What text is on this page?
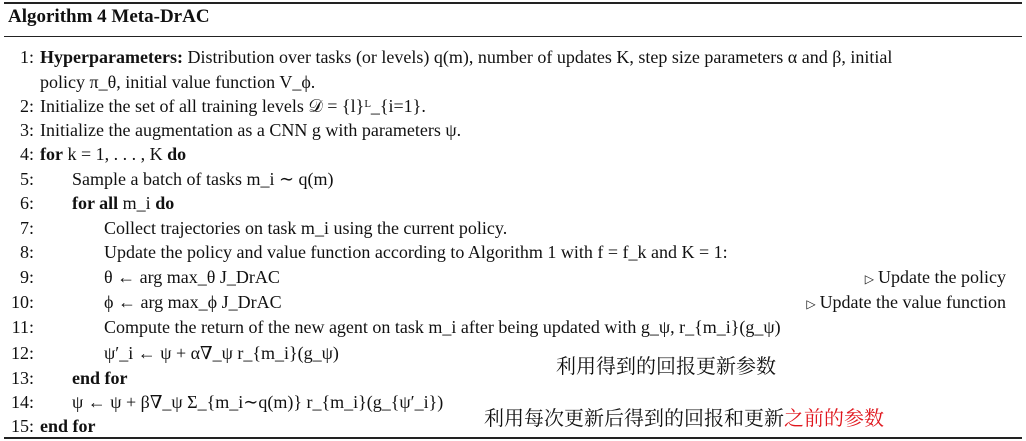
Algorithm 4 Meta-DrAC
1: Hyperparameters: Distribution over tasks (or levels) q(m), number of updates K, step size parameters α and β, initial
policy π_θ, initial value function V_ϕ.
2: Initialize the set of all training levels 𝒟 = {l}ᴸ_{i=1}.
3: Initialize the augmentation as a CNN g with parameters ψ.
4: for k = 1, . . . , K do
5: Sample a batch of tasks m_i ∼ q(m)
6: for all m_i do
7:	Collect trajectories on task m_i using the current policy.
8:	Update the policy and value function according to Algorithm 1 with f = f_k and K = 1:
9:	θ ← arg max_θ J_DrAC	▷ Update the policy
10:	ϕ ← arg max_ϕ J_DrAC	▷ Update the value function
11:	Compute the return of the new agent on task m_i after being updated with g_ψ, r_{m_i}(g_ψ)
12:	ψ′_i ← ψ + α∇_ψ r_{m_i}(g_ψ)
13: end for
14: ψ ← ψ + β∇_ψ Σ_{m_i∼q(m)} r_{m_i}(g_{ψ′_i})
15: end for
利用得到的回报更新参数
利用每次更新后得到的回报和更新之前的参数
